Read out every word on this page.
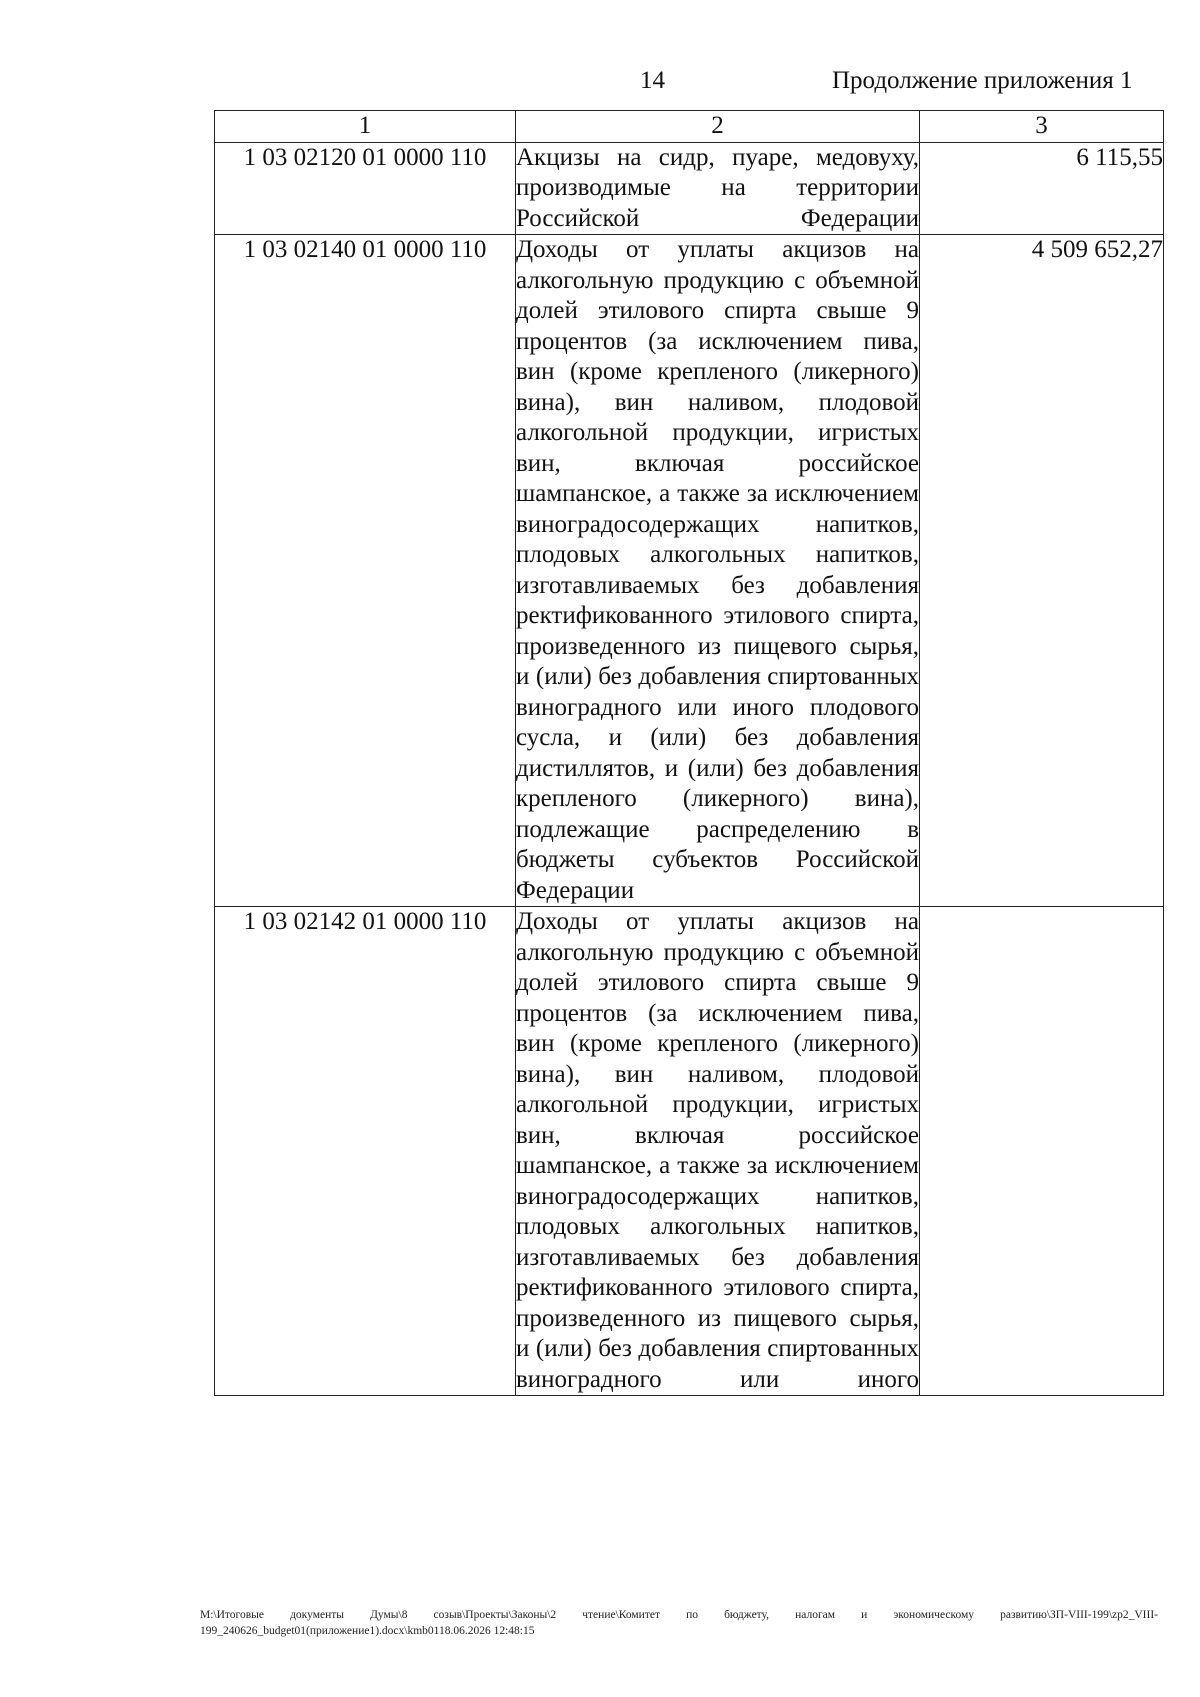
14	Продолжение приложения 1
1	2	3
1 03 02120 01 0000 110	Акцизы на сидр, пуаре, медовуху, производимые на территории Российской Федерации	6 115,55
1 03 02140 01 0000 110	Доходы от уплаты акцизов на алкогольную продукцию с объемной долей этилового спирта свыше 9 процентов (за исключением пива, вин (кроме крепленого (ликерного) вина), вин наливом, плодовой алкогольной продукции, игристых вин, включая российское шампанское, а также за исключением виноградосодержащих напитков, плодовых алкогольных напитков, изготавливаемых без добавления ректификованного этилового спирта, произведенного из пищевого сырья, и (или) без добавления спиртованных виноградного или иного плодового сусла, и (или) без добавления дистиллятов, и (или) без добавления крепленого (ликерного) вина), подлежащие распределению в бюджеты субъектов Российской Федерации	4 509 652,27
1 03 02142 01 0000 110	Доходы от уплаты акцизов на алкогольную продукцию с объемной долей этилового спирта свыше 9 процентов (за исключением пива, вин (кроме крепленого (ликерного) вина), вин наливом, плодовой алкогольной продукции, игристых вин, включая российское шампанское, а также за исключением виноградосодержащих напитков, плодовых алкогольных напитков, изготавливаемых без добавления ректификованного этилового спирта, произведенного из пищевого сырья, и (или) без добавления спиртованных виноградного или иного	
M:\Итоговые документы Думы\8 созыв\Проекты\Законы\2 чтение\Комитет по бюджету, налогам и экономическому развитию\ЗП-VIII-199\zp2_VIII-199_240626_budget01(приложение1).docx\kmb0118.06.2026 12:48:15
